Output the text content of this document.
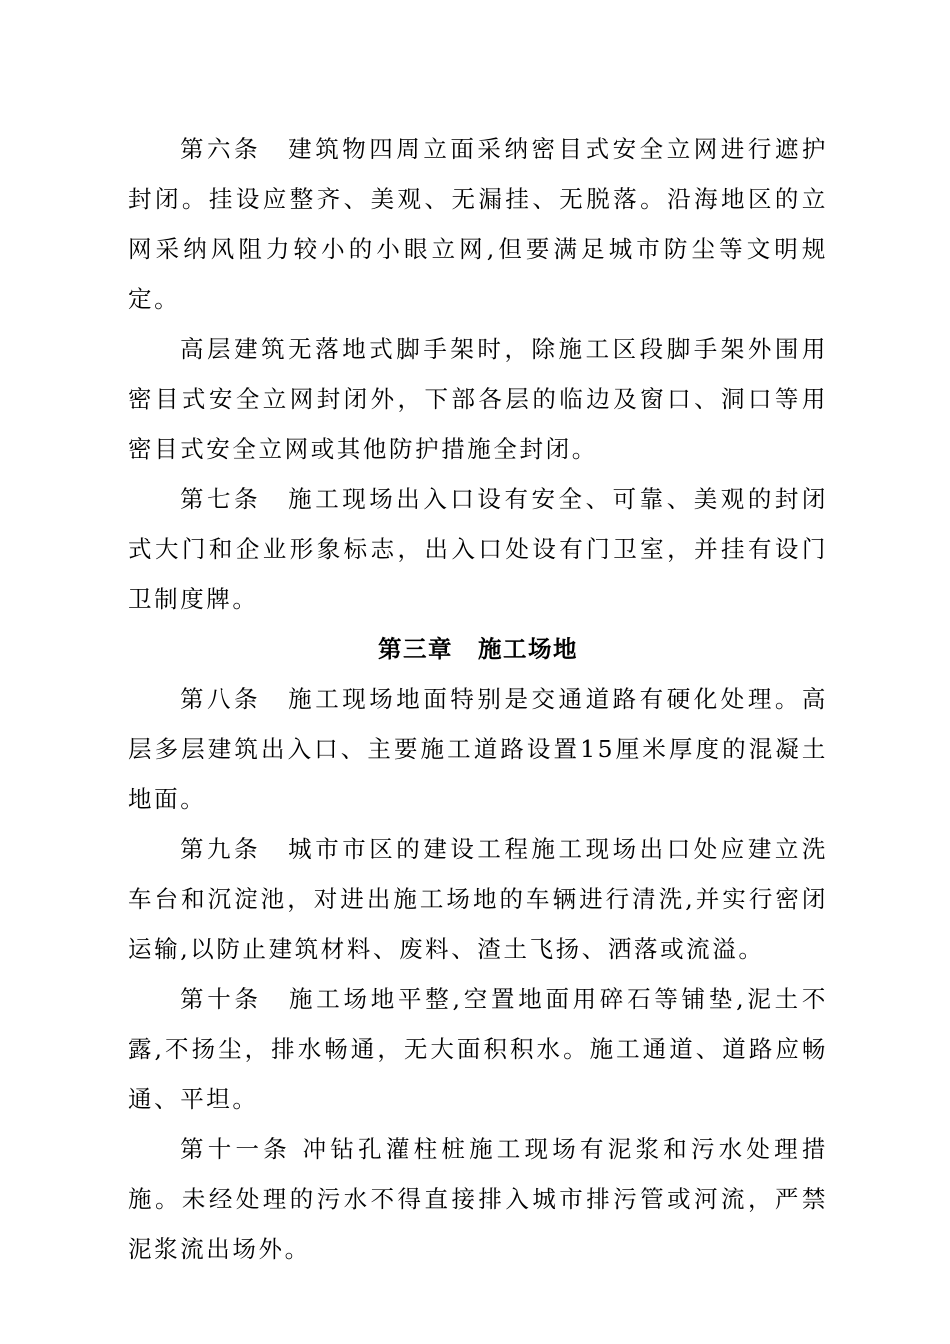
第六条　建筑物四周立面采纳密目式安全立网进行遮护封闭。挂设应整齐、美观、无漏挂、无脱落。沿海地区的立网采纳风阻力较小的小眼立网,但要满足城市防尘等文明规定。

高层建筑无落地式脚手架时，除施工区段脚手架外围用密目式安全立网封闭外，下部各层的临边及窗口、洞口等用密目式安全立网或其他防护措施全封闭。

第七条　施工现场出入口设有安全、可靠、美观的封闭式大门和企业形象标志，出入口处设有门卫室，并挂有设门卫制度牌。

第三章　施工场地

第八条　施工现场地面特别是交通道路有硬化处理。高层多层建筑出入口、主要施工道路设置15厘米厚度的混凝土地面。

第九条　城市市区的建设工程施工现场出口处应建立洗车台和沉淀池，对进出施工场地的车辆进行清洗,并实行密闭运输,以防止建筑材料、废料、渣土飞扬、洒落或流溢。

第十条　施工场地平整,空置地面用碎石等铺垫,泥土不露,不扬尘，排水畅通，无大面积积水。施工通道、道路应畅通、平坦。

第十一条 冲钻孔灌柱桩施工现场有泥浆和污水处理措施。未经处理的污水不得直接排入城市排污管或河流，严禁泥浆流出场外。
